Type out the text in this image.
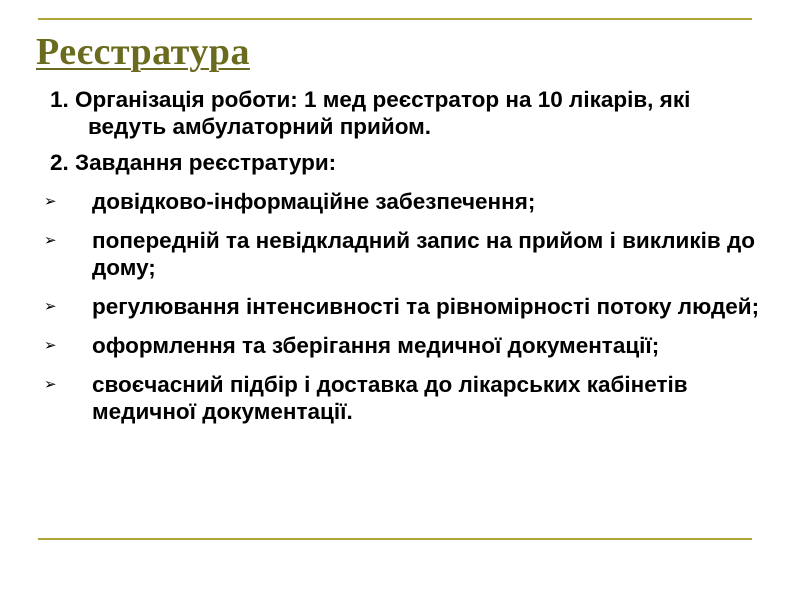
Реєстратура
1. Організація роботи: 1 мед реєстратор на 10 лікарів, які ведуть амбулаторний прийом.
2. Завдання реєстратури:
➢ довідково-інформаційне забезпечення;
➢ попередній та невідкладний запис на прийом і викликів до дому;
➢ регулювання інтенсивності та рівномірності потоку людей;
➢ оформлення та зберігання медичної документації;
➢ своєчасний підбір і доставка до лікарських кабінетів медичної документації.
